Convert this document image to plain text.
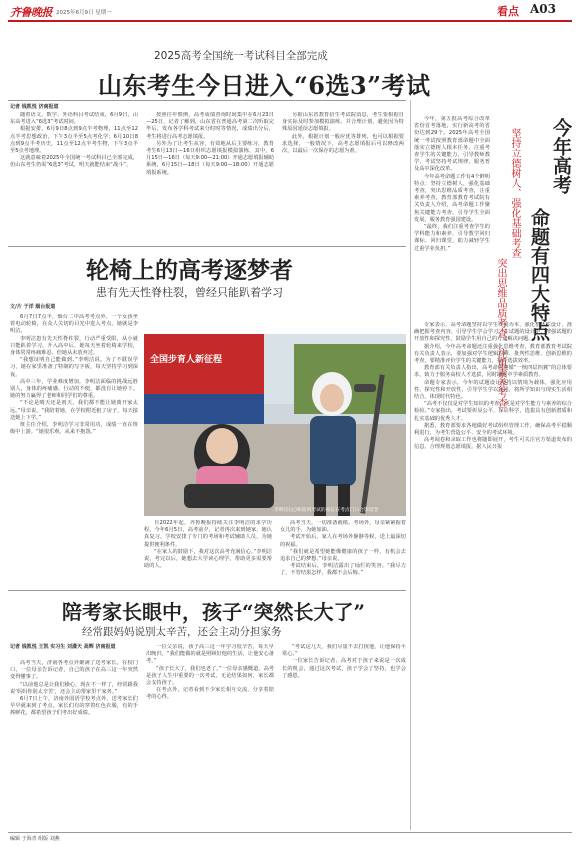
齐鲁晚报 2025年6月9日 星期一	看点 A03
2025高考全国统一考试科目全部完成
山东考生今日进入“6选3”考试
记者 钱凯悦 济南报道

随着语文、数学、外语科目考试结束，6月9日，山东高考进入“6选3”考试时间。

根据安排，6月9日8点到9点半考物理，11点至12点半考思想政治，下午3点半至5点考化学；6月10日8点到9点半考历史，11点至12点半考生物，下午3点半至5点考地理。

这就意味着2025年全国统一考试科目已全部完成，但山东考生仍需“6选3”考试，明天就能结束“战斗”。

按照往年惯例，高考成绩查询时间集中在6月23日—25日，记者了解到，山东省在普通高考第二次听取完毕后，发布各学科考试来分时时等情况，成绩出分后，考生将进行高考志愿填报。

另外为了让考生从容，有效地从后主要练习，教育考生6月13日—16日组织志愿填报模拟演练，其中，6月15日—16日（每天9:00—21:00）开通志愿填报辅助系统，6月15日—18日（每天9:00—18:00）开通志愿填报系统。

另据山东省教育招生考试院消息，考生要根据自身实际及时参加模拟演练，并合理计划，避免因为特殊原因延误志愿填报。

此外，根据计划一般应优等排列，也可以根据要求选择，一般情况下，高考志愿填报后可以修改两次，以最后一次保存的志愿为准。	今年高考
命题有四大特点
坚持立德树人、强化基础考查
突出思维品质考查、注重素养考查

今年，第五批高考综合改革省份首考落地，实行新高考的省份达到29个。2025年高考全国统一考试按照教育部命题中全面落实立德树人根本任务，注重考查学生的关键能力，引导教师教学，考试坚持考试规律，服务普及高中深化改革。

今年高考命题工作有4个鲜明特点：坚持立德树人，强化基础考查，突出思维品质考查，注重素养考查。教育部教育考试院有关负责人介绍，高考命题工作聚焦关键能力考查，引导学生全面发展，服务教育强国建设。

“最终，我们注重考查学生的学科能力和素养，引导教学回归课标、回归课堂，助力减轻学生过重学业负担。”

专家表示，高考命题坚持以学生发展为本，强化整体性设计，准确把握考查内容，引导学生学会学习。在试题的设计中，增强试题的开放性和探究性，鼓励学生用自己的方法解决问题。

据介绍，今年高考命题还注重强化思维考查，教育部教育考试院有关负责人表示，要加强对学生逻辑思维、批判性思维、创新思维的考查，要精准评价学生的关键能力，提升选拔效率。

教育部有关负责人指出，高考命题遵循“一核四层四翼”的总体要求，致力于服务高校人才选拔，同时助推中学素质教育。

命题专家表示，今年的试题设计坚持以情境为载体，强化应用性、探究性和开放性，引导学生学以致用，将所学知识与现实生活相结合，体现时代特色。

“高考不仅仅是对学生知识的考查，更是对学生能力与素养的综合检验。”专家指出，考试要彰显公平，保证科学，选拔具有创新潜质和扎实基础的优秀人才。

据悉，教育部要求各地做好考试组织管理工作，确保高考平稳顺利进行，为考生营造公平、安全的考试环境。

高考阅卷和录取工作也将随即展开，考生可关注官方渠道发布的信息，合理规划志愿填报。据人民日报

轮椅上的高考逐梦者
患有先天性脊柱裂，曾经只能趴着学习
文/片 于洋 烟台报道

6月7日7点半，烟台二中高考考点外，一个女孩坐着电动轮椅，在众人关切的目光中进入考点。她就是李明洁。

李明洁患有先天性脊柱裂，行动严重受限，从小就只能趴着学习。升入高中后，她每天坐着轮椅来学校，身体常常疼痛难忍，但她从未放弃过。

“我想证明自己能做到。”李明洁说。为了不耽误学习，她在家里准备了特制的写字板，每天坚持学习到深夜。

高中三年，学业难度增加，李明洁面临的挑战远胜别人，身体的疼痛感、行动的不便，都没有让她停下。她的努力赢得了老师和同学们的尊重。

“不论是晴天还是雨天，我们都不能让她离开家太远。”母亲说，“我陪着她，在学校附近租了房子，每天接送她上下学。”

班主任介绍，李明洁学习非常用功，成绩一直在班级中上游。“她很乐观，从来不抱怨。”

全国步育人新征程
李明洁(左)和陪同考试的家长在考点门口合影留念

自2022年起，齐鲁晚报持续关注李明洁的求学历程。今年6月5日，高考前夕，记者再次来到她家，她认真复习。学校安排了专门的考场和考试辅助人员，为她提供便利条件。

“在家人的鼓励下，我对这次高考充满信心。”李明洁说，考完以后，她想去大学读心理学，帮助更多需要帮助的人。

高考当天，一切准备就绪。考场外，母亲紧紧握着女儿的手，为她加油。

考试开始后，家人在考场外静静等候，送上最深切的祝福。

“我们就是希望她能像健康的孩子一样，有机会去追求自己的梦想。”母亲说。

考试结束后，李明洁露出了灿烂的笑容。“我尽力了，不管结果怎样，我都不会后悔。”

陪考家长眼中，孩子“突然长大了”
经常跟妈妈说别太辛苦，还会主动分担家务
记者 钱凯悦 王凯 实习生 刘潇天 高辉 济南报道

高考当天，济南各考点外聚满了送考家长。在校门口，一位母亲告诉记者，自己的孩子在高三这一年突然变得懂事了。

“以前他总是让我们操心，现在不一样了，经常跟我说‘妈妈你别太辛苦’，还会主动帮家里干家务。”

6月7日上午，济南外国语学校考点外，送考家长们早早就来到了考点。家长们有的穿着红色衣服，有的手捧鲜花，都希望孩子们考出好成绩。

一位父亲说，孩子高三这一年学习很辛苦，每天早出晚归，“我们能做的就是照顾好他的生活，让他安心备考。”

“孩子长大了，我们也老了。”一位母亲感慨道，高考是孩子人生中重要的一次考试，无论结果如何，家长都会支持孩子。

在考点外，记者看到不少家长相互交流，分享着陪考的心得。

“考试这几天，我们尽量不去打扰他，让他保持平常心。”

一位家长告诉记者，高考对于孩子来说是一次成长的机会，通过这次考试，孩子学会了坚持，也学会了感恩。

编辑 于海青 组版 刘燕
